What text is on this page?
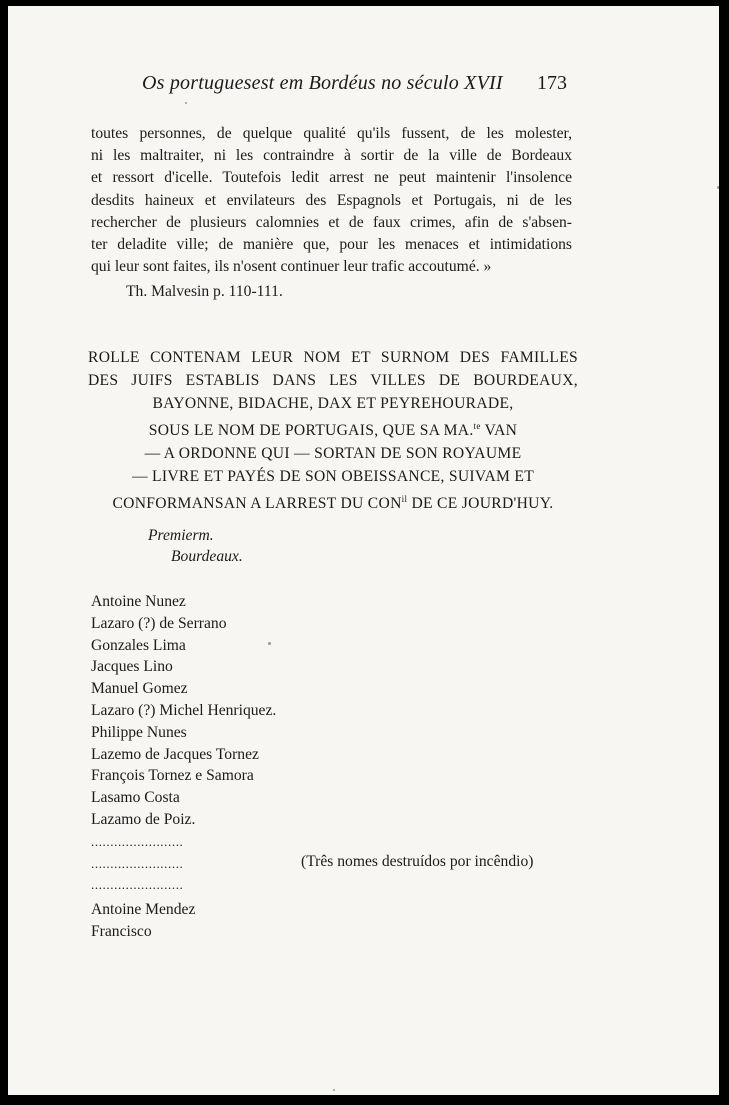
Os portuguesest em Bordéus no século XVII 173
toutes personnes, de quelque qualité qu'ils fussent, de les molester,
ni les maltraiter, ni les contraindre à sortir de la ville de Bordeaux
et ressort d'icelle. Toutefois ledit arrest ne peut maintenir l'insolence
desdits haineux et envilateurs des Espagnols et Portugais, ni de les
rechercher de plusieurs calomnies et de faux crimes, afin de s'absen-
ter deladite ville; de manière que, pour les menaces et intimidations
qui leur sont faites, ils n'osent continuer leur trafic accoutumé. »
Th. Malvesin p. 110-111.
ROLLE CONTENAM LEUR NOM ET SURNOM DES FAMILLES
DES JUIFS ESTABLIS DANS LES VILLES DE BOURDEAUX,
BAYONNE, BIDACHE, DAX ET PEYREHOURADE,
SOUS LE NOM DE PORTUGAIS, QUE SA MA.$^{te}$ VAN
— A ORDONNE QUI — SORTAN DE SON ROYAUME
— LIVRE ET PAYÉS DE SON OBEISSANCE, SUIVAM ET
CONFORMANSAN A LARREST DU $CON^{il}$ DE CE JOURD'HUY.
Premierm.
Bourdeaux.
Antoine Nunez
Lazaro (?) de Serrano
Gonzales Lima
Jacques Lino
Manuel Gomez
Lazaro (?) Michel Henriquez.
Philippe Nunes
Lazemo de Jacques Tornez
François Tornez e Samora
Lasamo Costa
Lazamo de Poiz.
........................
........................
........................
(Três nomes destruídos por incêndio)
Antoine Mendez
Francisco
